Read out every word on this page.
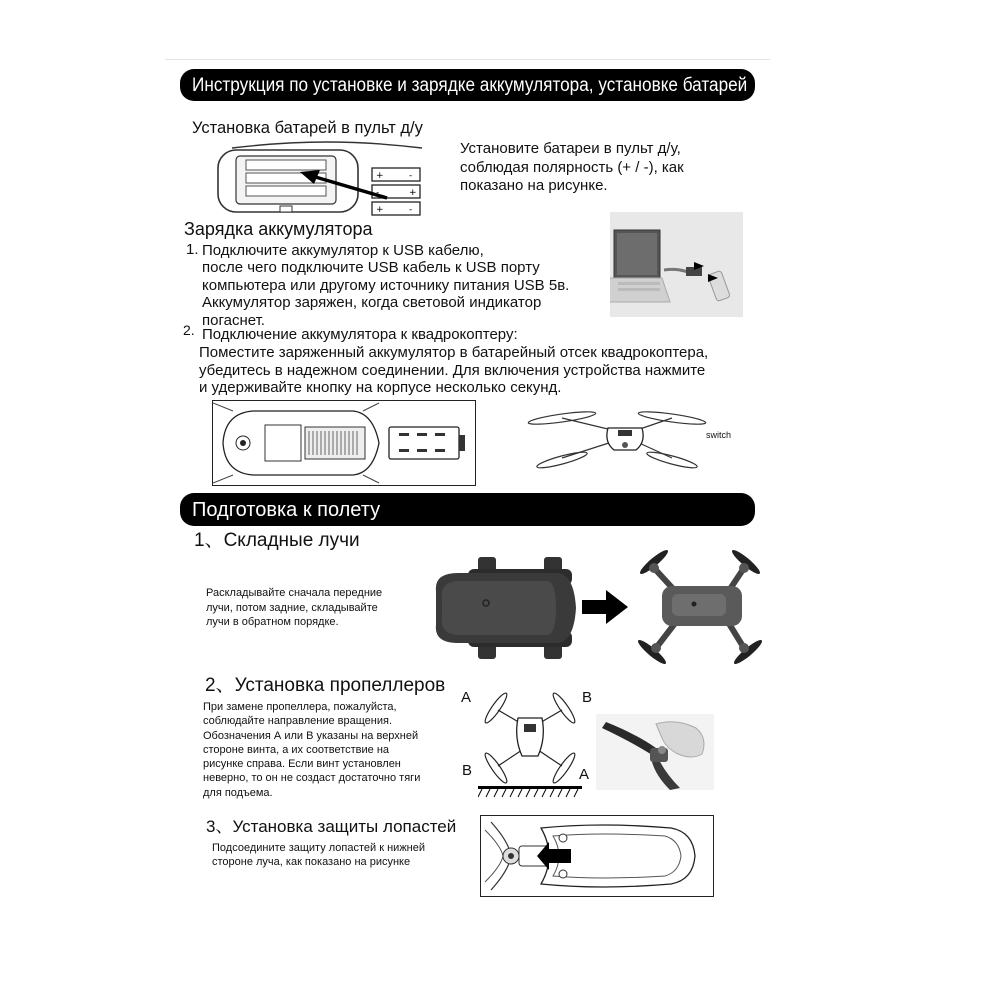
Инструкция по установке и зарядке аккумулятора, установке батарей
Установка батарей в пульт д/у
+	-
-	+
+	-

Установите батареи в пульт д/у,

соблюдая полярность (+ / -), как

показано на рисунке.

Зарядка аккумулятора
1. Подключите аккумулятор к USB кабелю,

после чего подключите USB кабель к USB порту

компьютера или другому источнику питания USB 5в.

Аккумулятор заряжен, когда световой индикатор

погаснет.

2. Подключение аккумулятора к квадрокоптеру:

Поместите заряженный аккумулятор в батарейный отсек квадрокоптера,

убедитесь в надежном соединении. Для включения устройства нажмите

и удерживайте кнопку на корпусе несколько секунд.

switch
Подготовка к полету
1、Складные лучи

Раскладывайте сначала передние

лучи, потом задние, складывайте

лучи в обратном порядке.

2、Установка пропеллеров

При замене пропеллера, пожалуйста,

соблюдайте направление вращения.

Обозначения А или В указаны на верхней

стороне винта, а их соответствие на

рисунке справа. Если винт установлен

неверно, то он не создаст достаточно тяги

для подъема.

A	B
B	A
3、Установка защиты лопастей

Подсоедините защиту лопастей к нижней

стороне луча, как показано на рисунке
